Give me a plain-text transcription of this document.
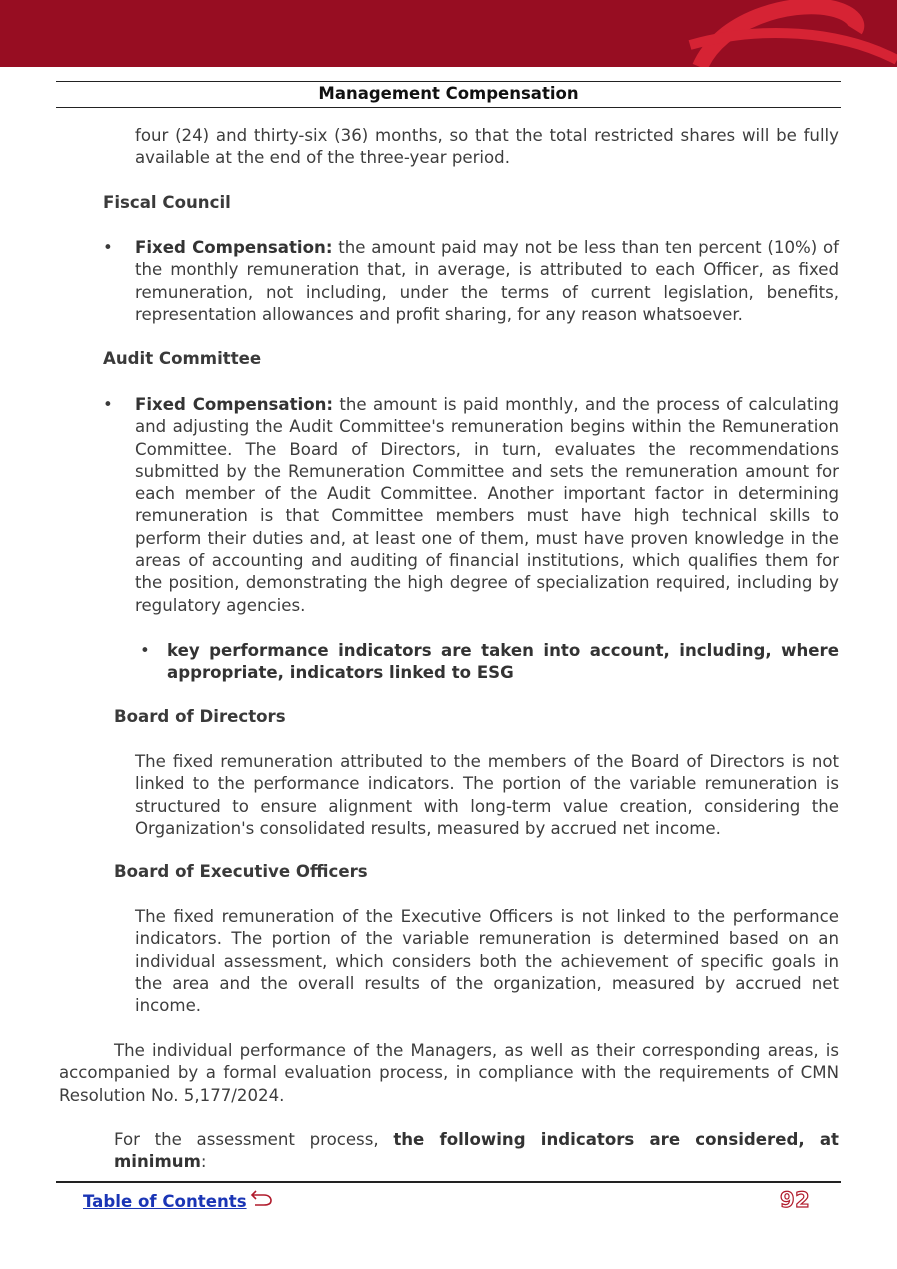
Management Compensation
four (24) and thirty-six (36) months, so that the total restricted shares will be fully available at the end of the three-year period.
Fiscal Council
• Fixed Compensation: the amount paid may not be less than ten percent (10%) of the monthly remuneration that, in average, is attributed to each Officer, as fixed remuneration, not including, under the terms of current legislation, benefits, representation allowances and profit sharing, for any reason whatsoever.
Audit Committee
• Fixed Compensation: the amount is paid monthly, and the process of calculating and adjusting the Audit Committee's remuneration begins within the Remuneration Committee. The Board of Directors, in turn, evaluates the recommendations submitted by the Remuneration Committee and sets the remuneration amount for each member of the Audit Committee. Another important factor in determining remuneration is that Committee members must have high technical skills to perform their duties and, at least one of them, must have proven knowledge in the areas of accounting and auditing of financial institutions, which qualifies them for the position, demonstrating the high degree of specialization required, including by regulatory agencies.
• key performance indicators are taken into account, including, where appropriate, indicators linked to ESG
Board of Directors
The fixed remuneration attributed to the members of the Board of Directors is not linked to the performance indicators. The portion of the variable remuneration is structured to ensure alignment with long-term value creation, considering the Organization's consolidated results, measured by accrued net income.
Board of Executive Officers
The fixed remuneration of the Executive Officers is not linked to the performance indicators. The portion of the variable remuneration is determined based on an individual assessment, which considers both the achievement of specific goals in the area and the overall results of the organization, measured by accrued net income.
The individual performance of the Managers, as well as their corresponding areas, is accompanied by a formal evaluation process, in compliance with the requirements of CMN Resolution No. 5,177/2024.
For the assessment process, the following indicators are considered, at minimum:
Table of Contents	92
